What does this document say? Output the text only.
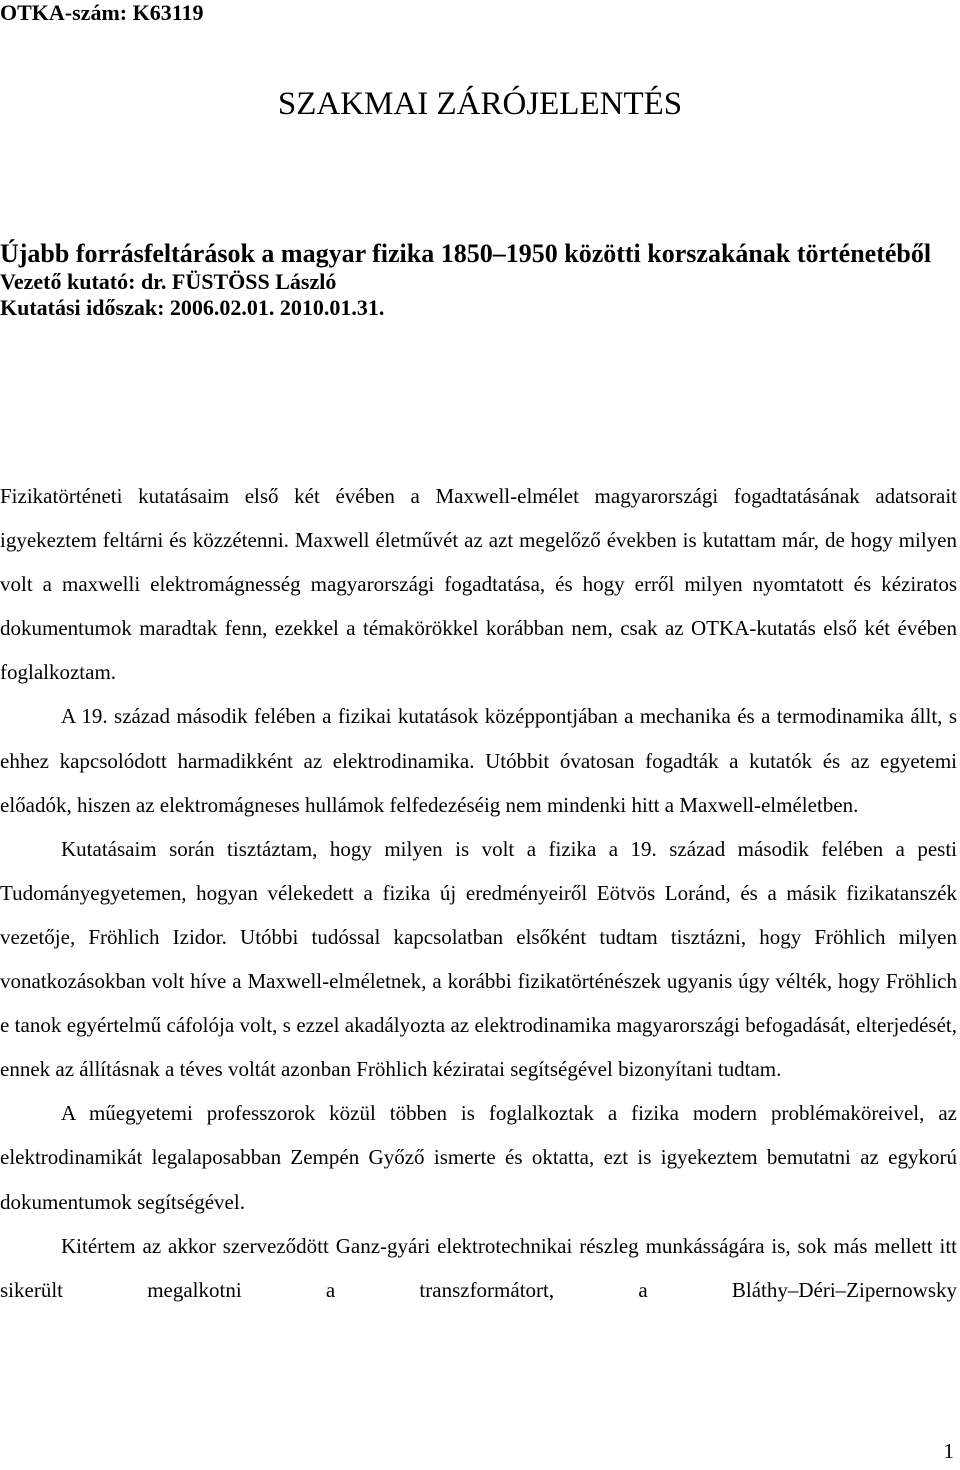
OTKA-szám: K63119

SZAKMAI ZÁRÓJELENTÉS

Újabb forrásfeltárások a magyar fizika 1850–1950 közötti korszakának történetéből

Vezető kutató: dr. FÜSTÖSS László

Kutatási időszak: 2006.02.01. 2010.01.31.

Fizikatörténeti kutatásaim első két évében a Maxwell-elmélet magyarországi fogadtatásának adatsorait igyekeztem feltárni és közzétenni. Maxwell életművét az azt megelőző években is kutattam már, de hogy milyen volt a maxwelli elektromágnesség magyarországi fogadtatása, és hogy erről milyen nyomtatott és kéziratos dokumentumok maradtak fenn, ezekkel a témakörökkel korábban nem, csak az OTKA-kutatás első két évében foglalkoztam.

A 19. század második felében a fizikai kutatások középpontjában a mechanika és a termodinamika állt, s ehhez kapcsolódott harmadikként az elektrodinamika. Utóbbit óvatosan fogadták a kutatók és az egyetemi előadók, hiszen az elektromágneses hullámok felfedezéséig nem mindenki hitt a Maxwell-elméletben.

Kutatásaim során tisztáztam, hogy milyen is volt a fizika a 19. század második felében a pesti Tudományegyetemen, hogyan vélekedett a fizika új eredményeiről Eötvös Loránd, és a másik fizikatanszék vezetője, Fröhlich Izidor. Utóbbi tudóssal kapcsolatban elsőként tudtam tisztázni, hogy Fröhlich milyen vonatkozásokban volt híve a Maxwell-elméletnek, a korábbi fizikatörténészek ugyanis úgy vélték, hogy Fröhlich e tanok egyértelmű cáfolója volt, s ezzel akadályozta az elektrodinamika magyarországi befogadását, elterjedését, ennek az állításnak a téves voltát azonban Fröhlich kéziratai segítségével bizonyítani tudtam.

A műegyetemi professzorok közül többen is foglalkoztak a fizika modern problémaköreivel, az elektrodinamikát legalaposabban Zempén Győző ismerte és oktatta, ezt is igyekeztem bemutatni az egykorú dokumentumok segítségével.

Kitértem az akkor szerveződött Ganz-gyári elektrotechnikai részleg munkásságára is, sok más mellett itt sikerült megalkotni a transzformátort, a Bláthy–Déri–Zipernowsky

1
